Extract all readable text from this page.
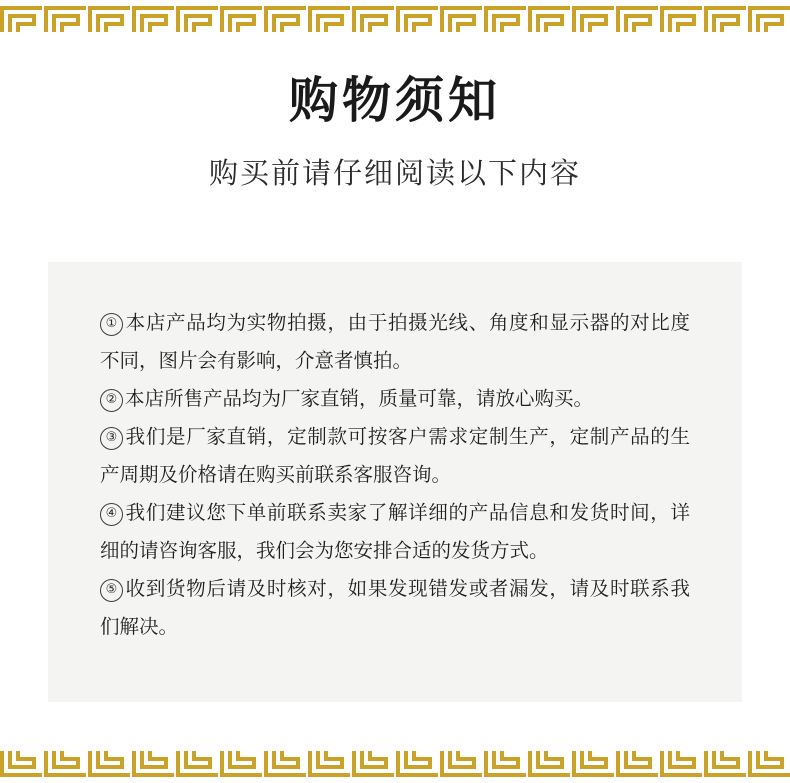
购物须知
购买前请仔细阅读以下内容
① 本店产品均为实物拍摄，由于拍摄光线、角度和显示器的对比度不同，图片会有影响，介意者慎拍。
② 本店所售产品均为厂家直销，质量可靠，请放心购买。
③ 我们是厂家直销，定制款可按客户需求定制生产，定制产品的生产周期及价格请在购买前联系客服咨询。
④ 我们建议您下单前联系卖家了解详细的产品信息和发货时间，详细的请咨询客服，我们会为您安排合适的发货方式。
⑤ 收到货物后请及时核对，如果发现错发或者漏发，请及时联系我们解决。
